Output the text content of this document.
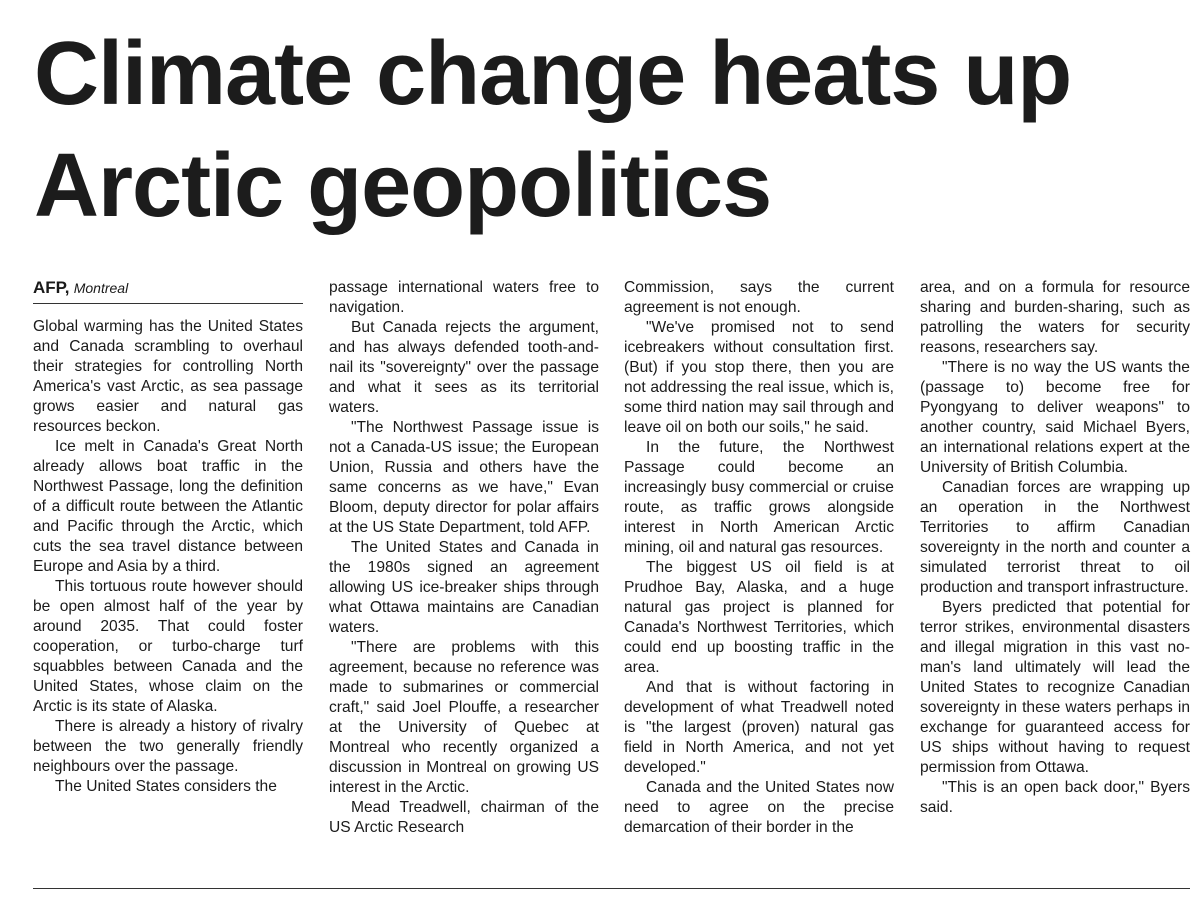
Climate change heats up
Arctic geopolitics
AFP, Montreal

Global warming has the United States and Canada scrambling to overhaul their strategies for controlling North America's vast Arctic, as sea passage grows easier and natural gas resources beckon.

Ice melt in Canada's Great North already allows boat traffic in the Northwest Passage, long the definition of a difficult route between the Atlantic and Pacific through the Arctic, which cuts the sea travel distance between Europe and Asia by a third.

This tortuous route however should be open almost half of the year by around 2035. That could foster cooperation, or turbo-charge turf squabbles between Canada and the United States, whose claim on the Arctic is its state of Alaska.

There is already a history of rivalry between the two generally friendly neighbours over the passage.

The United States considers the

passage international waters free to navigation.

But Canada rejects the argument, and has always defended tooth-and-nail its "sovereignty" over the passage and what it sees as its territorial waters.

"The Northwest Passage issue is not a Canada-US issue; the European Union, Russia and others have the same concerns as we have," Evan Bloom, deputy director for polar affairs at the US State Department, told AFP.

The United States and Canada in the 1980s signed an agreement allowing US ice-breaker ships through what Ottawa maintains are Canadian waters.

"There are problems with this agreement, because no reference was made to submarines or commercial craft," said Joel Plouffe, a researcher at the University of Quebec at Montreal who recently organized a discussion in Montreal on growing US interest in the Arctic.

Mead Treadwell, chairman of the US Arctic Research

Commission, says the current agreement is not enough.

"We've promised not to send icebreakers without consultation first. (But) if you stop there, then you are not addressing the real issue, which is, some third nation may sail through and leave oil on both our soils," he said.

In the future, the Northwest Passage could become an increasingly busy commercial or cruise route, as traffic grows alongside interest in North American Arctic mining, oil and natural gas resources.

The biggest US oil field is at Prudhoe Bay, Alaska, and a huge natural gas project is planned for Canada's Northwest Territories, which could end up boosting traffic in the area.

And that is without factoring in development of what Treadwell noted is "the largest (proven) natural gas field in North America, and not yet developed."

Canada and the United States now need to agree on the precise demarcation of their border in the

area, and on a formula for resource sharing and burden-sharing, such as patrolling the waters for security reasons, researchers say.

"There is no way the US wants the (passage to) become free for Pyongyang to deliver weapons" to another country, said Michael Byers, an international relations expert at the University of British Columbia.

Canadian forces are wrapping up an operation in the Northwest Territories to affirm Canadian sovereignty in the north and counter a simulated terrorist threat to oil production and transport infrastructure.

Byers predicted that potential for terror strikes, environmental disasters and illegal migration in this vast no-man's land ultimately will lead the United States to recognize Canadian sovereignty in these waters perhaps in exchange for guaranteed access for US ships without having to request permission from Ottawa.

"This is an open back door," Byers said.
